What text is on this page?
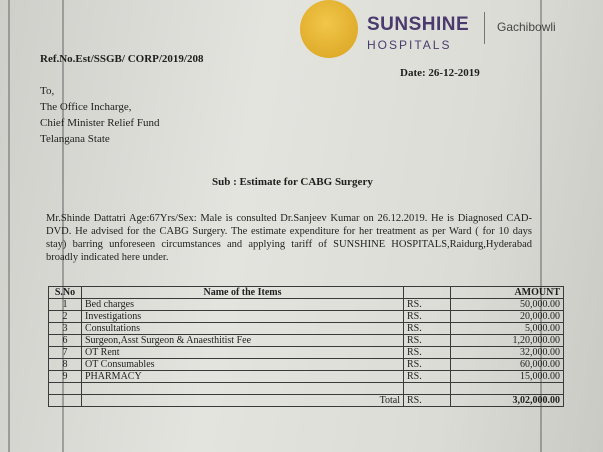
SUNSHINE
HOSPITALS
Gachibowli
Ref.No.Est/SSGB/ CORP/2019/208
Date: 26-12-2019
To,
The Office Incharge,
Chief Minister Relief Fund
Telangana State
Sub : Estimate for CABG Surgery
Mr.Shinde Dattatri Age:67Yrs/Sex: Male is consulted Dr.Sanjeev Kumar on 26.12.2019. He is Diagnosed CAD-DVD. He advised for the CABG Surgery. The estimate expenditure for her treatment as per Ward ( for 10 days stay) barring unforeseen circumstances and applying tariff of SUNSHINE HOSPITALS,Raidurg,Hyderabad broadly indicated here under.
S.No	Name of the Items		AMOUNT
1	Bed charges	RS.	50,000.00
2	Investigations	RS.	20,000.00
3	Consultations	RS.	5,000.00
6	Surgeon,Asst Surgeon & Anaesthitist Fee	RS.	1,20,000.00
7	OT Rent	RS.	32,000.00
8	OT Consumables	RS.	60,000.00
9	PHARMACY	RS.	15,000.00

	Total	RS.	3,02,000.00
